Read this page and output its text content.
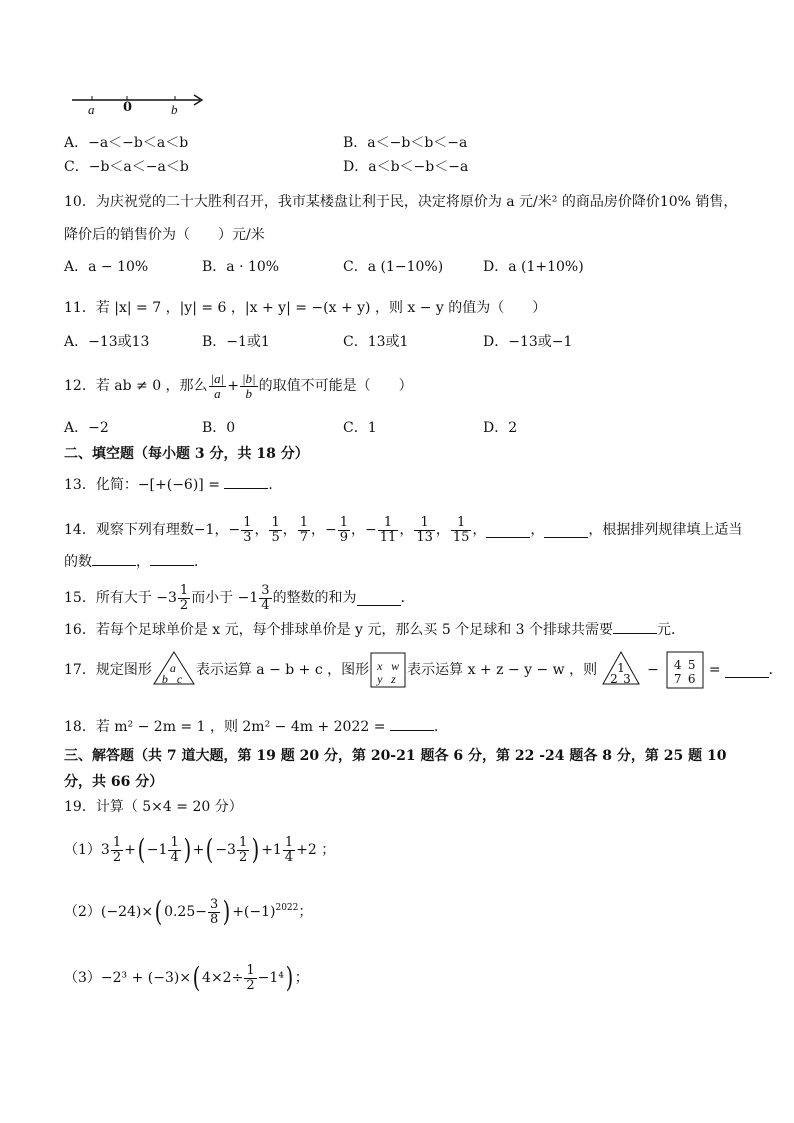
a 0	b
A．−a＜−b＜a＜b	B．a＜−b＜b＜−a
C．−b＜a＜−a＜b	D．a＜b＜−b＜−a
10．为庆祝党的二十大胜利召开，我市某楼盘让利于民，决定将原价为 a 元/米² 的商品房价降价10% 销售，
降价后的销售价为（　　）元/米
A．a − 10%	B．a · 10%	C．a (1−10%)	D．a (1+10%)
11．若 |x| = 7 ，|y| = 6 ，|x + y| = −(x + y) ，则 x − y 的值为（　　）
A．−13或13	B．−1或1	C．13或1	D．−13或−1
12．若 ab ≠ 0 ，那么 $\frac{|a|}{a} + \frac{|b|}{b}$ 的取值不可能是（　　）
A．−2	B．0	C．1	D．2
二、填空题（每小题 3 分，共 18 分）
13．化简：−[+(−6)] =	．
14．观察下列有理数−1， − $\frac{1}{3}$ ， $\frac{1}{5}$ ， $\frac{1}{7}$ ， − $\frac{1}{9}$ ， − $\frac{1}{11}$ ， $\frac{1}{13}$ ， $\frac{1}{15}$ ，	，	，根据排列规律填上适当
的数	，	．
15．所有大于 $-3 \frac{1}{2}$ 而小于 $-1 \frac{3}{4}$ 的整数的和为	．
16．若每个足球单价是 x 元，每个排球单价是 y 元，那么买 5 个足球和 3 个排球共需要	元．
17．规定图形 a
b c
表示运算 a − b + c ，图形 x w
y z
表示运算 x + z − y − w ，则 1
2 3
− 4 5
7 6
=	．
18．若 m² − 2m = 1 ，则 2m² − 4m + 2022 =	．
三、解答题（共 7 道大题，第 19 题 20 分，第 20-21 题各 6 分，第 22 -24 题各 8 分，第 25 题 10
分，共 66 分）
19．计算（ 5×4 = 20 分）
（1） $3 \frac{1}{2}$ + ( $-1 \frac{1}{4}$ ) + ( $-3 \frac{1}{2}$ ) $+1 \frac{1}{4} +2$ ；
（2） (−24)× ( $0.25- \frac{3}{8}$ ) $+(-1)^{2022}$ ；
（3） −2³ + (−3)× ( $4\times 2\div \frac{1}{2} -1^4$ ) ；
